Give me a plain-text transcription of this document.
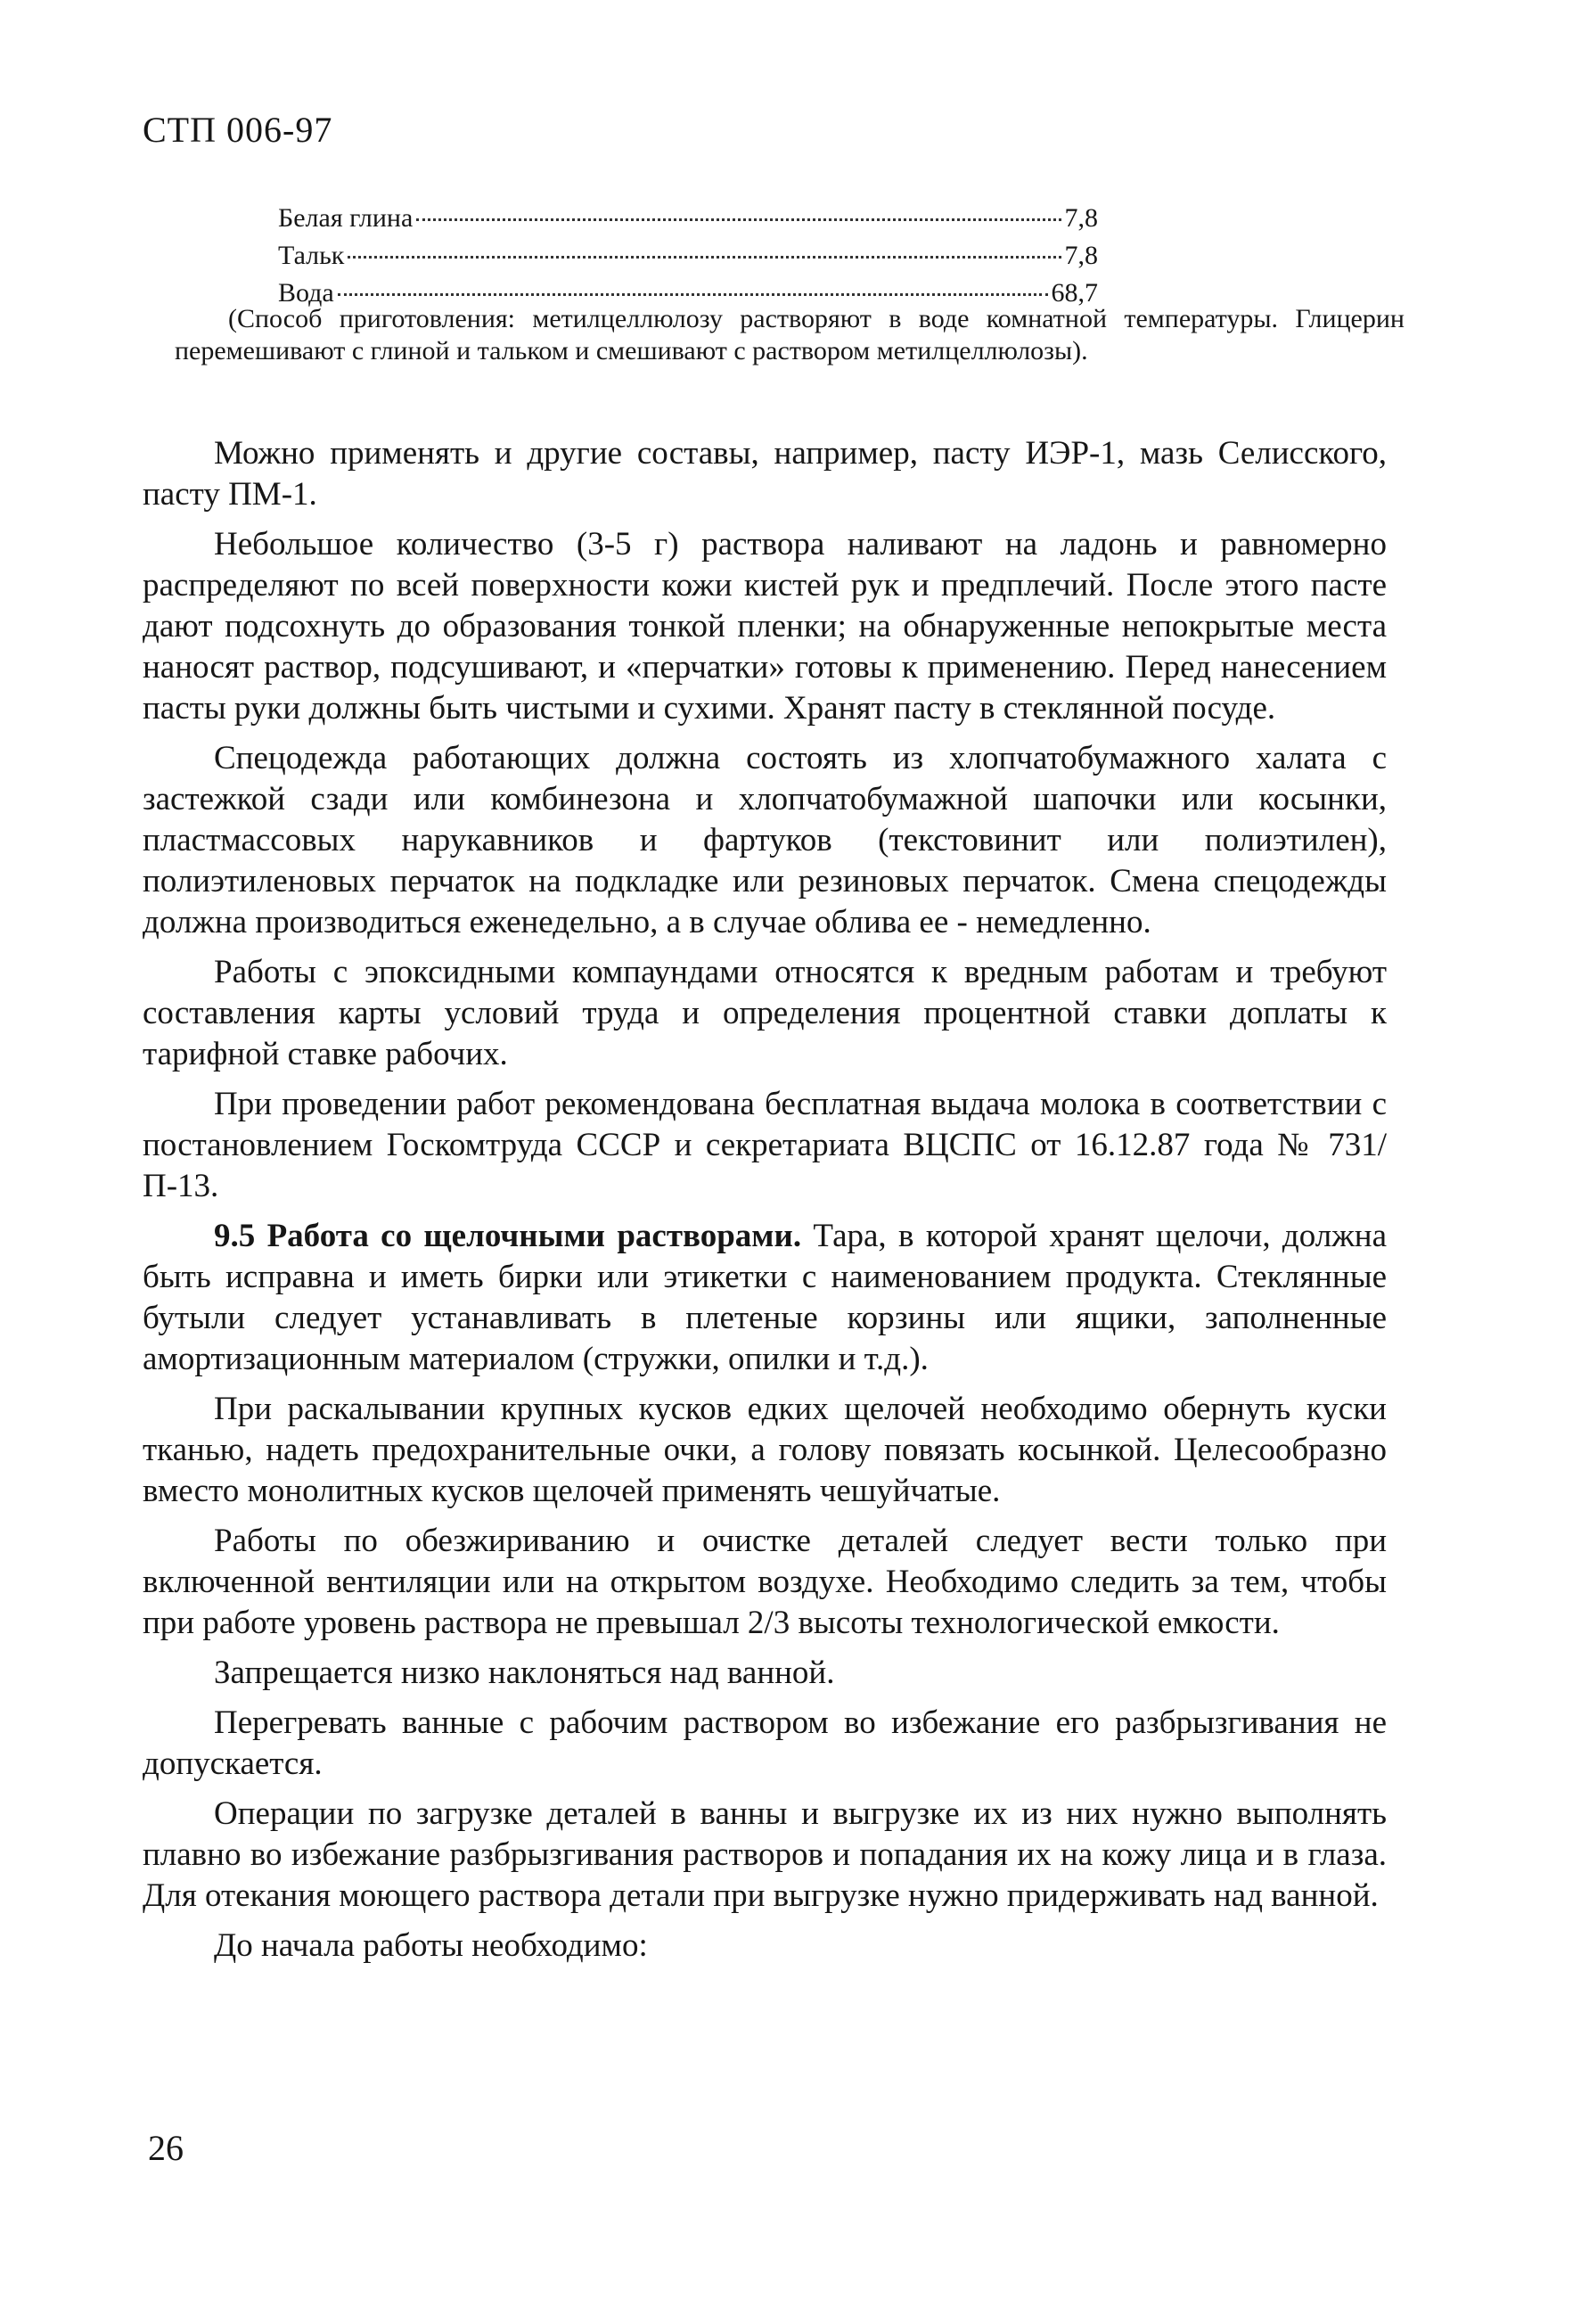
СТП 006-97

Белая глина	7,8
Тальк	7,8
Вода	68,7

(Способ приготовления: метилцеллюлозу растворяют в воде комнатной температуры. Глицерин перемешивают с глиной и тальком и смешивают с раствором метилцеллюлозы).

Можно применять и другие составы, например, пасту ИЭР-1, мазь Селисского, пасту ПМ-1.

Небольшое количество (3-5 г) раствора наливают на ладонь и равномерно распределяют по всей поверхности кожи кистей рук и предплечий. После этого пасте дают подсохнуть до образования тонкой пленки; на обнаруженные непокрытые места наносят раствор, подсушивают, и «перчатки» готовы к применению. Перед нанесением пасты руки должны быть чистыми и сухими. Хранят пасту в стеклянной посуде.

Спецодежда работающих должна состоять из хлопчатобумажного халата с застежкой сзади или комбинезона и хлопчатобумажной шапочки или косынки, пластмассовых нарукавников и фартуков (текстовинит или полиэтилен), полиэтиленовых перчаток на подкладке или резиновых перчаток. Смена спецодежды должна производиться еженедельно, а в случае облива ее - немедленно.

Работы с эпоксидными компаундами относятся к вредным работам и требуют составления карты условий труда и определения процентной ставки доплаты к тарифной ставке рабочих.

При проведении работ рекомендована бесплатная выдача молока в соответствии с постановлением Госкомтруда СССР и секретариата ВЦСПС от 16.12.87 года № 731/П-13.

9.5 Работа со щелочными растворами. Тара, в которой хранят щелочи, должна быть исправна и иметь бирки или этикетки с наименованием продукта. Стеклянные бутыли следует устанавливать в плетеные корзины или ящики, заполненные амортизационным материалом (стружки, опилки и т.д.).

При раскалывании крупных кусков едких щелочей необходимо обернуть куски тканью, надеть предохранительные очки, а голову повязать косынкой. Целесообразно вместо монолитных кусков щелочей применять чешуйчатые.

Работы по обезжириванию и очистке деталей следует вести только при включенной вентиляции или на открытом воздухе. Необходимо следить за тем, чтобы при работе уровень раствора не превышал 2/3 высоты технологической емкости.

Запрещается низко наклоняться над ванной.

Перегревать ванные с рабочим раствором во избежание его разбрызгивания не допускается.

Операции по загрузке деталей в ванны и выгрузке их из них нужно выполнять плавно во избежание разбрызгивания растворов и попадания их на кожу лица и в глаза. Для отекания моющего раствора детали при выгрузке нужно придерживать над ванной.

До начала работы необходимо:

26
